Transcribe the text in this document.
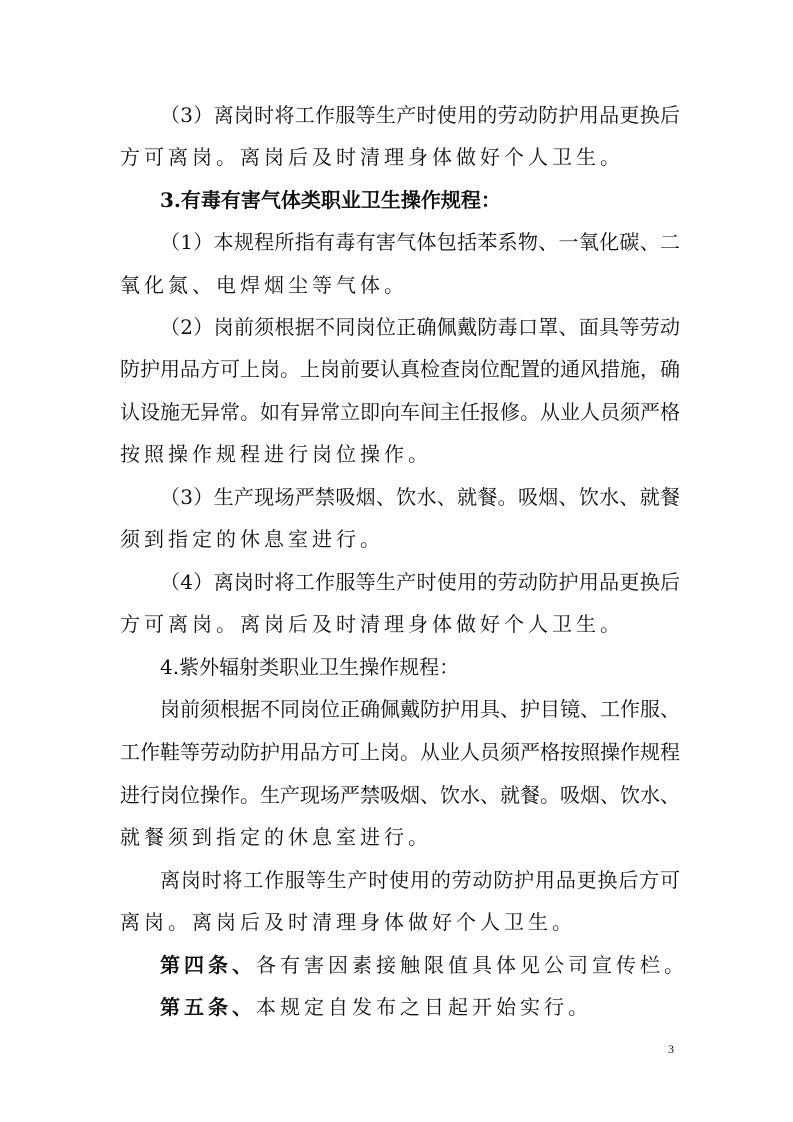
（3）离岗时将工作服等生产时使用的劳动防护用品更换后
方可离岗。离岗后及时清理身体做好个人卫生。
3.有毒有害气体类职业卫生操作规程：
（1）本规程所指有毒有害气体包括苯系物、一氧化碳、二
氧化氮、电焊烟尘等气体。
（2）岗前须根据不同岗位正确佩戴防毒口罩、面具等劳动
防护用品方可上岗。上岗前要认真检查岗位配置的通风措施，确
认设施无异常。如有异常立即向车间主任报修。从业人员须严格
按照操作规程进行岗位操作。
（3）生产现场严禁吸烟、饮水、就餐。吸烟、饮水、就餐
须到指定的休息室进行。
（4）离岗时将工作服等生产时使用的劳动防护用品更换后
方可离岗。离岗后及时清理身体做好个人卫生。
4.紫外辐射类职业卫生操作规程：
岗前须根据不同岗位正确佩戴防护用具、护目镜、工作服、
工作鞋等劳动防护用品方可上岗。从业人员须严格按照操作规程
进行岗位操作。生产现场严禁吸烟、饮水、就餐。吸烟、饮水、
就餐须到指定的休息室进行。
离岗时将工作服等生产时使用的劳动防护用品更换后方可
离岗。离岗后及时清理身体做好个人卫生。
第四条、各有害因素接触限值具体见公司宣传栏。
第五条、本规定自发布之日起开始实行。
3
